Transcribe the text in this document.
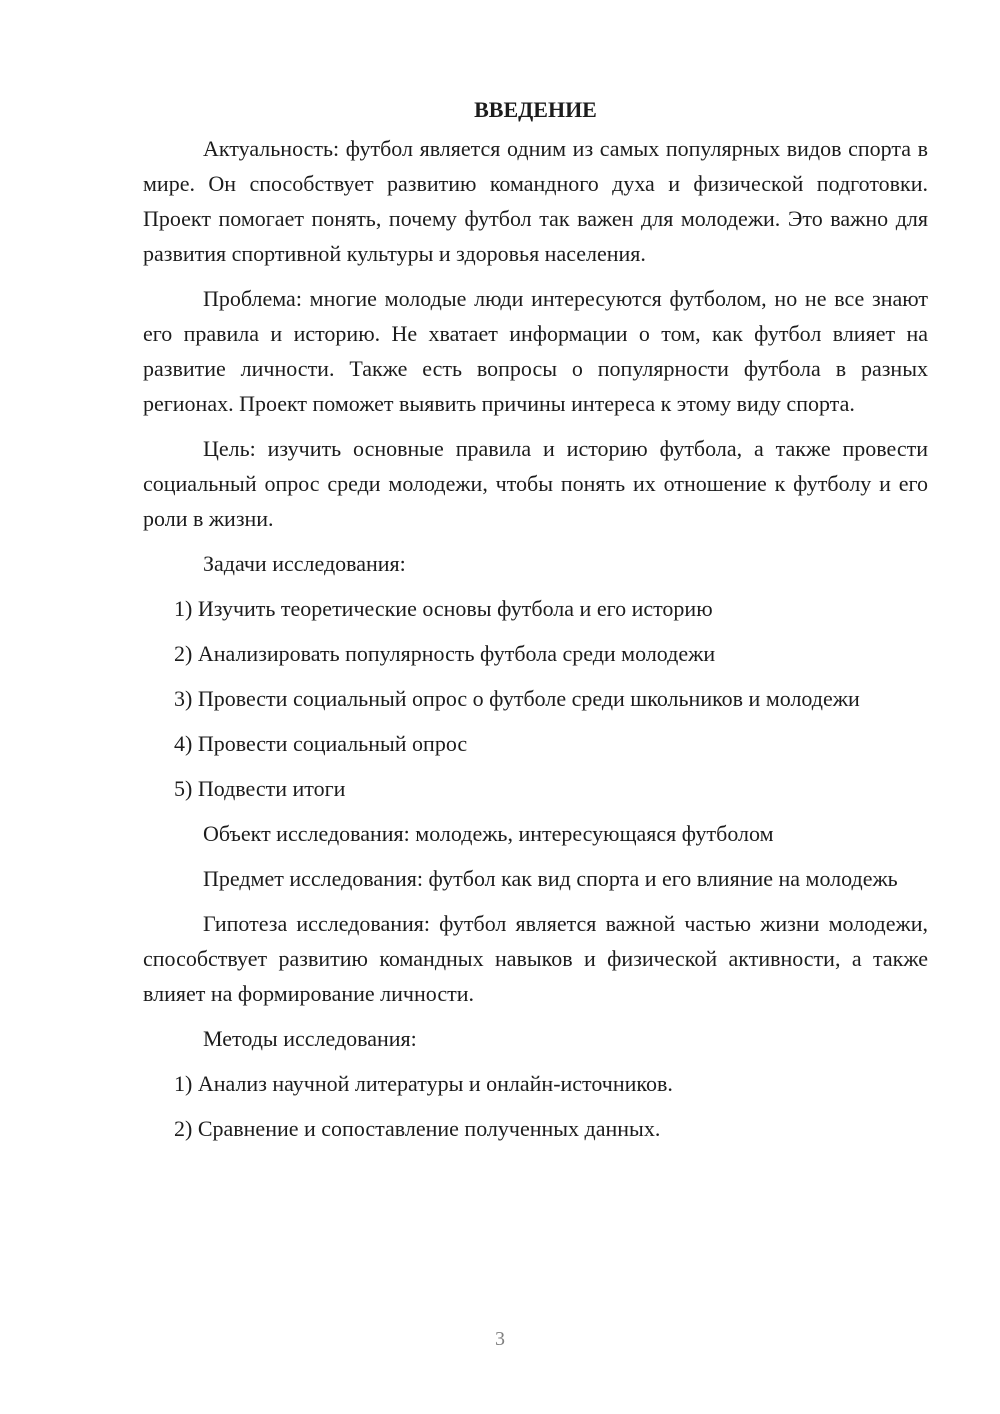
ВВЕДЕНИЕ

Актуальность: футбол является одним из самых популярных видов спорта в мире. Он способствует развитию командного духа и физической подготовки. Проект помогает понять, почему футбол так важен для молодежи. Это важно для развития спортивной культуры и здоровья населения.

Проблема: многие молодые люди интересуются футболом, но не все знают его правила и историю. Не хватает информации о том, как футбол влияет на развитие личности. Также есть вопросы о популярности футбола в разных регионах. Проект поможет выявить причины интереса к этому виду спорта.

Цель: изучить основные правила и историю футбола, а также провести социальный опрос среди молодежи, чтобы понять их отношение к футболу и его роли в жизни.

Задачи исследования:

1) Изучить теоретические основы футбола и его историю

2) Анализировать популярность футбола среди молодежи

3) Провести социальный опрос о футболе среди школьников и молодежи

4) Провести социальный опрос

5) Подвести итоги

Объект исследования: молодежь, интересующаяся футболом

Предмет исследования: футбол как вид спорта и его влияние на молодежь

Гипотеза исследования: футбол является важной частью жизни молодежи, способствует развитию командных навыков и физической активности, а также влияет на формирование личности.

Методы исследования:

1) Анализ научной литературы и онлайн-источников.

2) Сравнение и сопоставление полученных данных.

3
